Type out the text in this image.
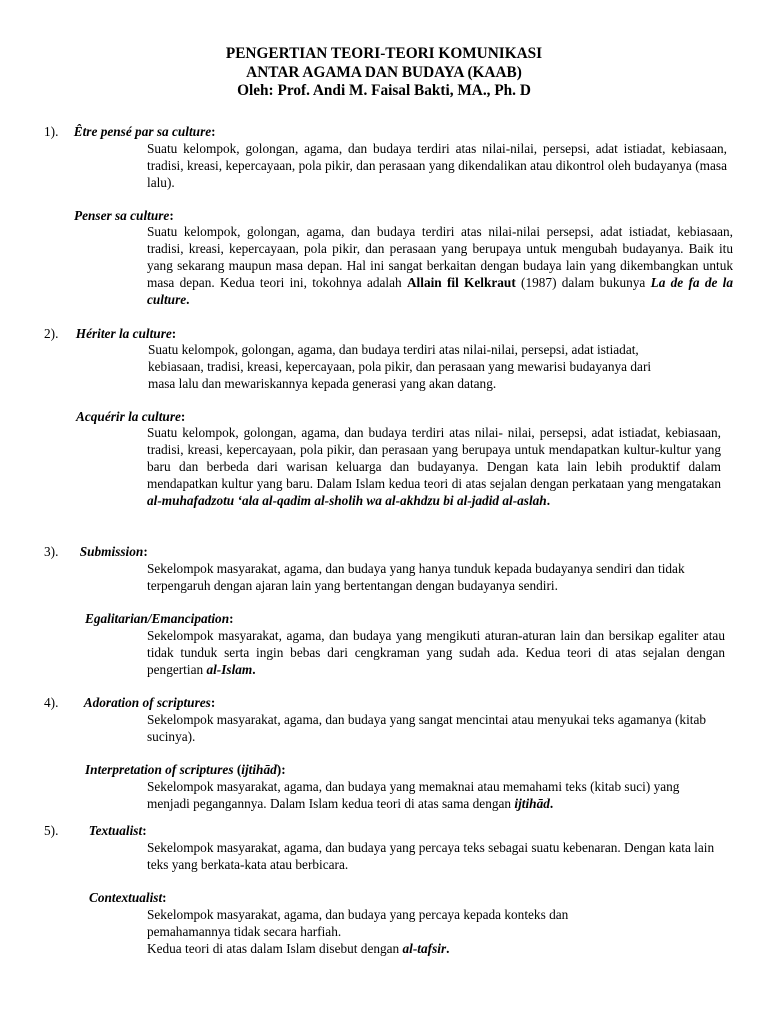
PENGERTIAN TEORI-TEORI KOMUNIKASI
ANTAR AGAMA DAN BUDAYA (KAAB)
Oleh: Prof. Andi M. Faisal Bakti, MA., Ph. D
1). Être pensé par sa culture:
Suatu kelompok, golongan, agama, dan budaya terdiri atas nilai-nilai, persepsi, adat istiadat, kebiasaan, tradisi, kreasi, kepercayaan, pola pikir, dan perasaan yang dikendalikan atau dikontrol oleh budayanya (masa lalu).
Penser sa culture:
Suatu kelompok, golongan, agama, dan budaya terdiri atas nilai-nilai persepsi, adat istiadat, kebiasaan, tradisi, kreasi, kepercayaan, pola pikir, dan perasaan yang berupaya untuk mengubah budayanya. Baik itu yang sekarang maupun masa depan. Hal ini sangat berkaitan dengan budaya lain yang dikembangkan untuk masa depan. Kedua teori ini, tokohnya adalah Allain fil Kelkraut (1987) dalam bukunya La de fa de la culture.
2). Hériter la culture:
Suatu kelompok, golongan, agama, dan budaya terdiri atas nilai-nilai, persepsi, adat istiadat, kebiasaan, tradisi, kreasi, kepercayaan, pola pikir, dan perasaan yang mewarisi budayanya dari masa lalu dan mewariskannya kepada generasi yang akan datang.
Acquérir la culture:
Suatu kelompok, golongan, agama, dan budaya terdiri atas nilai- nilai, persepsi, adat istiadat, kebiasaan, tradisi, kreasi, kepercayaan, pola pikir, dan perasaan yang berupaya untuk mendapatkan kultur-kultur yang baru dan berbeda dari warisan keluarga dan budayanya. Dengan kata lain lebih produktif dalam mendapatkan kultur yang baru. Dalam Islam kedua teori di atas sejalan dengan perkataan yang mengatakan al-muhafadzotu ‘ala al-qadim al-sholih wa al-akhdzu bi al-jadid al-aslah.
3). Submission:
Sekelompok masyarakat, agama, dan budaya yang hanya tunduk kepada budayanya sendiri dan tidak terpengaruh dengan ajaran lain yang bertentangan dengan budayanya sendiri.
Egalitarian/Emancipation:
Sekelompok masyarakat, agama, dan budaya yang mengikuti aturan-aturan lain dan bersikap egaliter atau tidak tunduk serta ingin bebas dari cengkraman yang sudah ada. Kedua teori di atas sejalan dengan pengertian al-Islam.
4). Adoration of scriptures:
Sekelompok masyarakat, agama, dan budaya yang sangat mencintai atau menyukai teks agamanya (kitab sucinya).
Interpretation of scriptures (ijtihād):
Sekelompok masyarakat, agama, dan budaya yang memaknai atau memahami teks (kitab suci) yang menjadi pegangannya. Dalam Islam kedua teori di atas sama dengan ijtihād.
5). Textualist:
Sekelompok masyarakat, agama, dan budaya yang percaya teks sebagai suatu kebenaran. Dengan kata lain teks yang berkata-kata atau berbicara.
Contextualist:
Sekelompok masyarakat, agama, dan budaya yang percaya kepada konteks dan pemahamannya tidak secara harfiah.
Kedua teori di atas dalam Islam disebut dengan al-tafsir.
